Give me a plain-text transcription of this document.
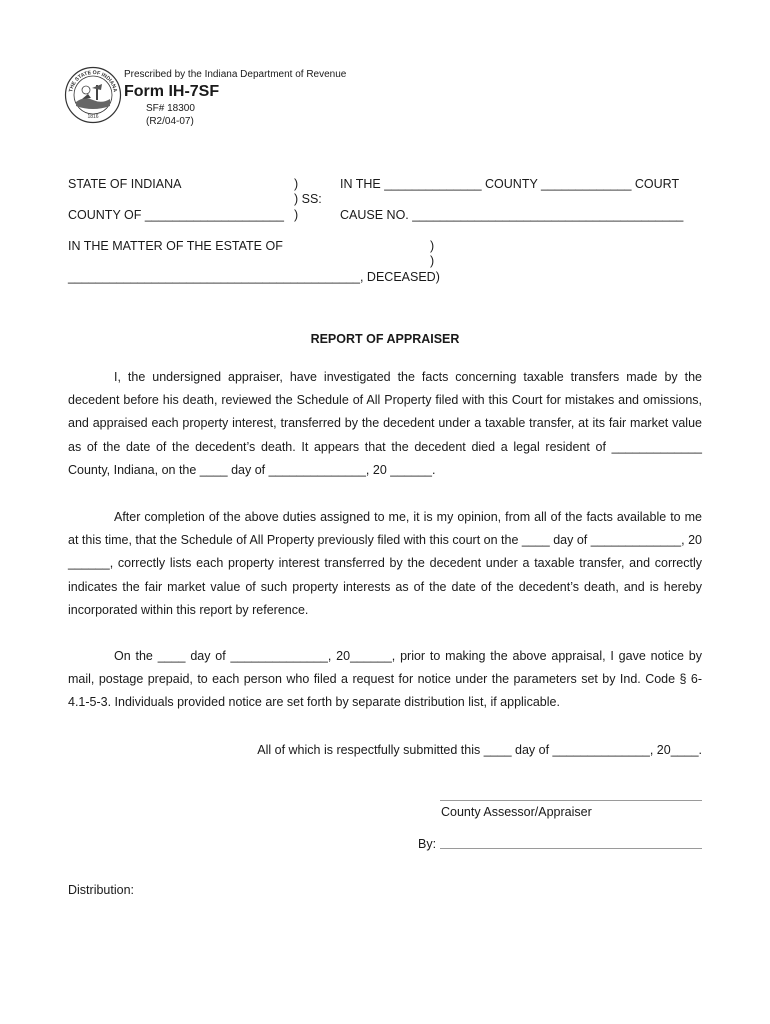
THE STATE OF INDIANA
1816
Prescribed by the Indiana Department of Revenue
Form IH-7SF
SF# 18300
(R2/04-07)
STATE OF INDIANA	)
) SS:
COUNTY OF ____________________ )
IN THE ______________ COUNTY _____________ COURT
CAUSE NO. _______________________________________
IN THE MATTER OF THE ESTATE OF	)
)
__________________________________________, DECEASED)
REPORT OF APPRAISER
I, the undersigned appraiser, have investigated the facts concerning taxable transfers made by the decedent before his death, reviewed the Schedule of All Property filed with this Court for mistakes and omissions, and appraised each property interest, transferred by the decedent under a taxable transfer, at its fair market value as of the date of the decedent’s death. It appears that the decedent died a legal resident of _____________ County, Indiana, on the ____ day of ______________, 20 ______.
After completion of the above duties assigned to me, it is my opinion, from all of the facts available to me at this time, that the Schedule of All Property previously filed with this court on the ____ day of _____________, 20 ______, correctly lists each property interest transferred by the decedent under a taxable transfer, and correctly indicates the fair market value of such property interests as of the date of the decedent’s death, and is hereby incorporated within this report by reference.
On the ____ day of ______________, 20______, prior to making the above appraisal, I gave notice by mail, postage prepaid, to each person who filed a request for notice under the parameters set by Ind. Code § 6-4.1-5-3. Individuals provided notice are set forth by separate distribution list, if applicable.
All of which is respectfully submitted this ____ day of ______________, 20____.
County Assessor/Appraiser
By:
Distribution:
